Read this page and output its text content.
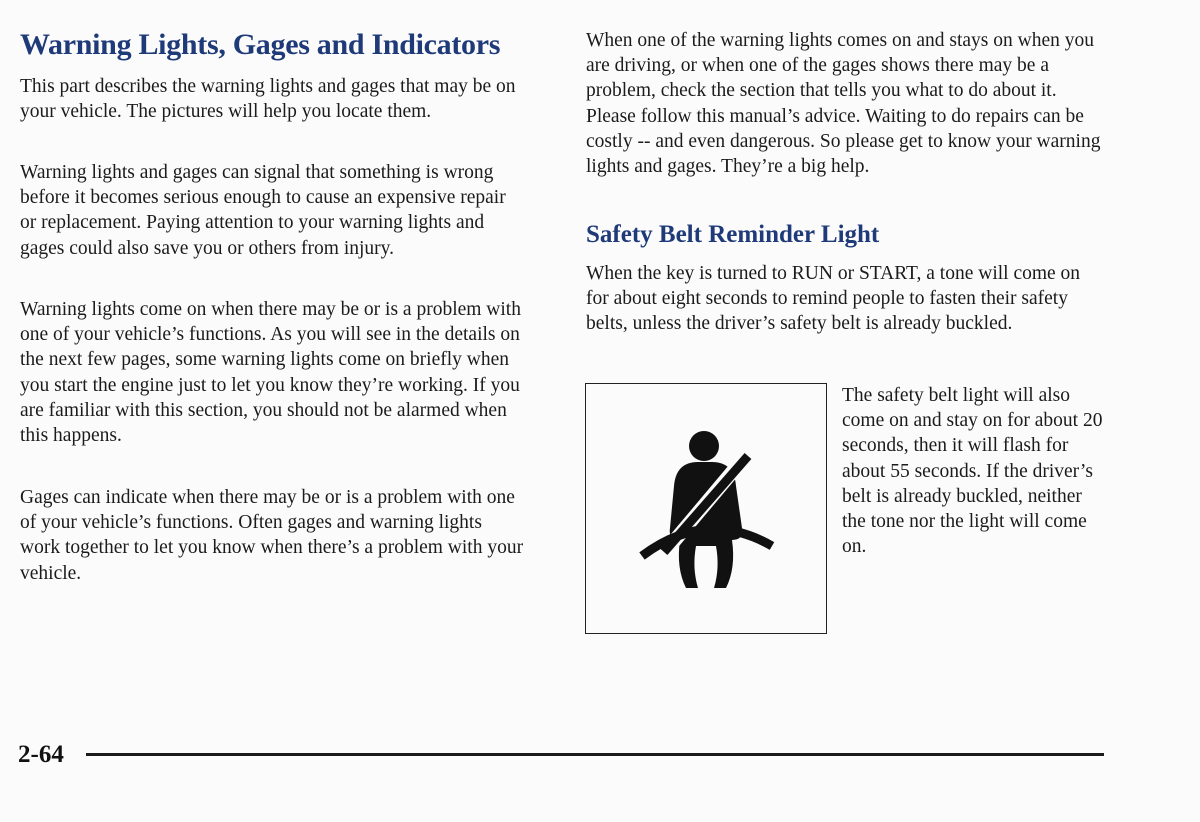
Warning Lights, Gages and Indicators

This part describes the warning lights and gages that may be on your vehicle. The pictures will help you locate them.

Warning lights and gages can signal that something is wrong before it becomes serious enough to cause an expensive repair or replacement. Paying attention to your warning lights and gages could also save you or others from injury.

Warning lights come on when there may be or is a problem with one of your vehicle’s functions. As you will see in the details on the next few pages, some warning lights come on briefly when you start the engine just to let you know they’re working. If you are familiar with this section, you should not be alarmed when this happens.

Gages can indicate when there may be or is a problem with one of your vehicle’s functions. Often gages and warning lights work together to let you know when there’s a problem with your vehicle.

When one of the warning lights comes on and stays on when you are driving, or when one of the gages shows there may be a problem, check the section that tells you what to do about it. Please follow this manual’s advice. Waiting to do repairs can be costly -- and even dangerous. So please get to know your warning lights and gages. They’re a big help.

Safety Belt Reminder Light

When the key is turned to RUN or START, a tone will come on for about eight seconds to remind people to fasten their safety belts, unless the driver’s safety belt is already buckled.

The safety belt light will also come on and stay on for about 20 seconds, then it will flash for about 55 seconds. If the driver’s belt is already buckled, neither the tone nor the light will come on.

2-64
